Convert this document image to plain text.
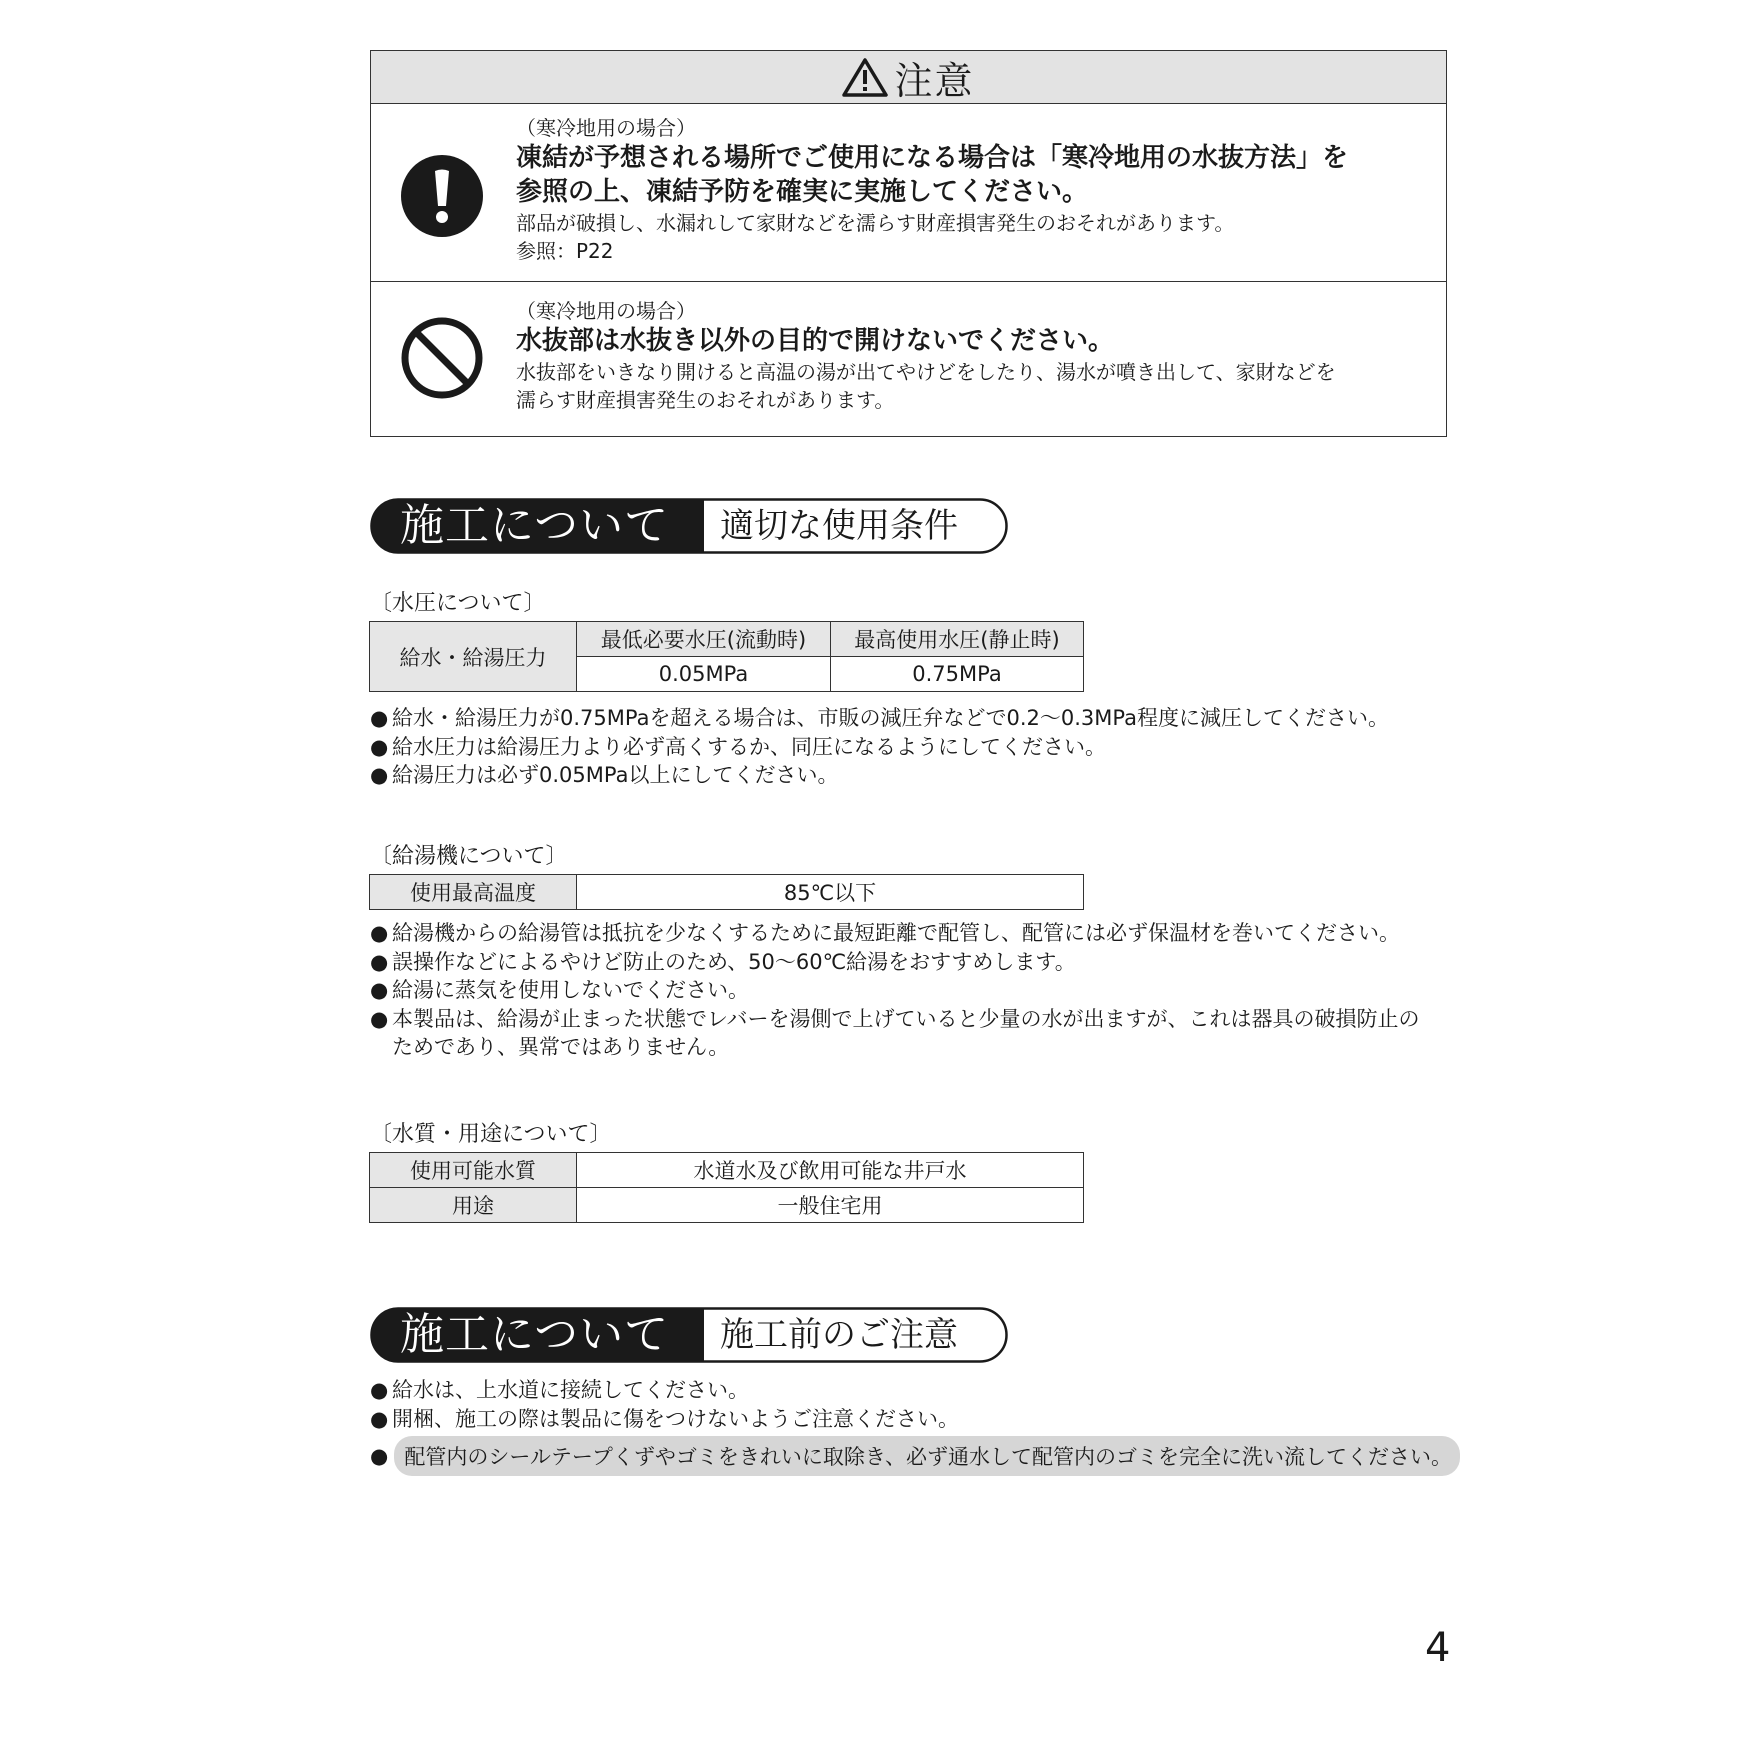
注意
（寒冷地用の場合）
凍結が予想される場所でご使用になる場合は「寒冷地用の水抜方法」を
参照の上、凍結予防を確実に実施してください。
部品が破損し、水漏れして家財などを濡らす財産損害発生のおそれがあります。
参照：P22
（寒冷地用の場合）
水抜部は水抜き以外の目的で開けないでください。
水抜部をいきなり開けると高温の湯が出てやけどをしたり、湯水が噴き出して、家財などを
濡らす財産損害発生のおそれがあります。
施工について 適切な使用条件
〔水圧について〕
給水・給湯圧力	最低必要水圧(流動時)	最高使用水圧(静止時)
	0.05MPa	0.75MPa
● 給水・給湯圧力が0.75MPaを超える場合は、市販の減圧弁などで0.2～0.3MPa程度に減圧してください。
● 給水圧力は給湯圧力より必ず高くするか、同圧になるようにしてください。
● 給湯圧力は必ず0.05MPa以上にしてください。
〔給湯機について〕
使用最高温度	85℃以下
● 給湯機からの給湯管は抵抗を少なくするために最短距離で配管し、配管には必ず保温材を巻いてください。
● 誤操作などによるやけど防止のため、50～60℃給湯をおすすめします。
● 給湯に蒸気を使用しないでください。
● 本製品は、給湯が止まった状態でレバーを湯側で上げていると少量の水が出ますが、これは器具の破損防止の
ためであり、異常ではありません。
〔水質・用途について〕
使用可能水質	水道水及び飲用可能な井戸水
用途	一般住宅用
施工について 施工前のご注意
● 給水は、上水道に接続してください。
● 開梱、施工の際は製品に傷をつけないようご注意ください。
● 配管内のシールテープくずやゴミをきれいに取除き、必ず通水して配管内のゴミを完全に洗い流してください。
4
